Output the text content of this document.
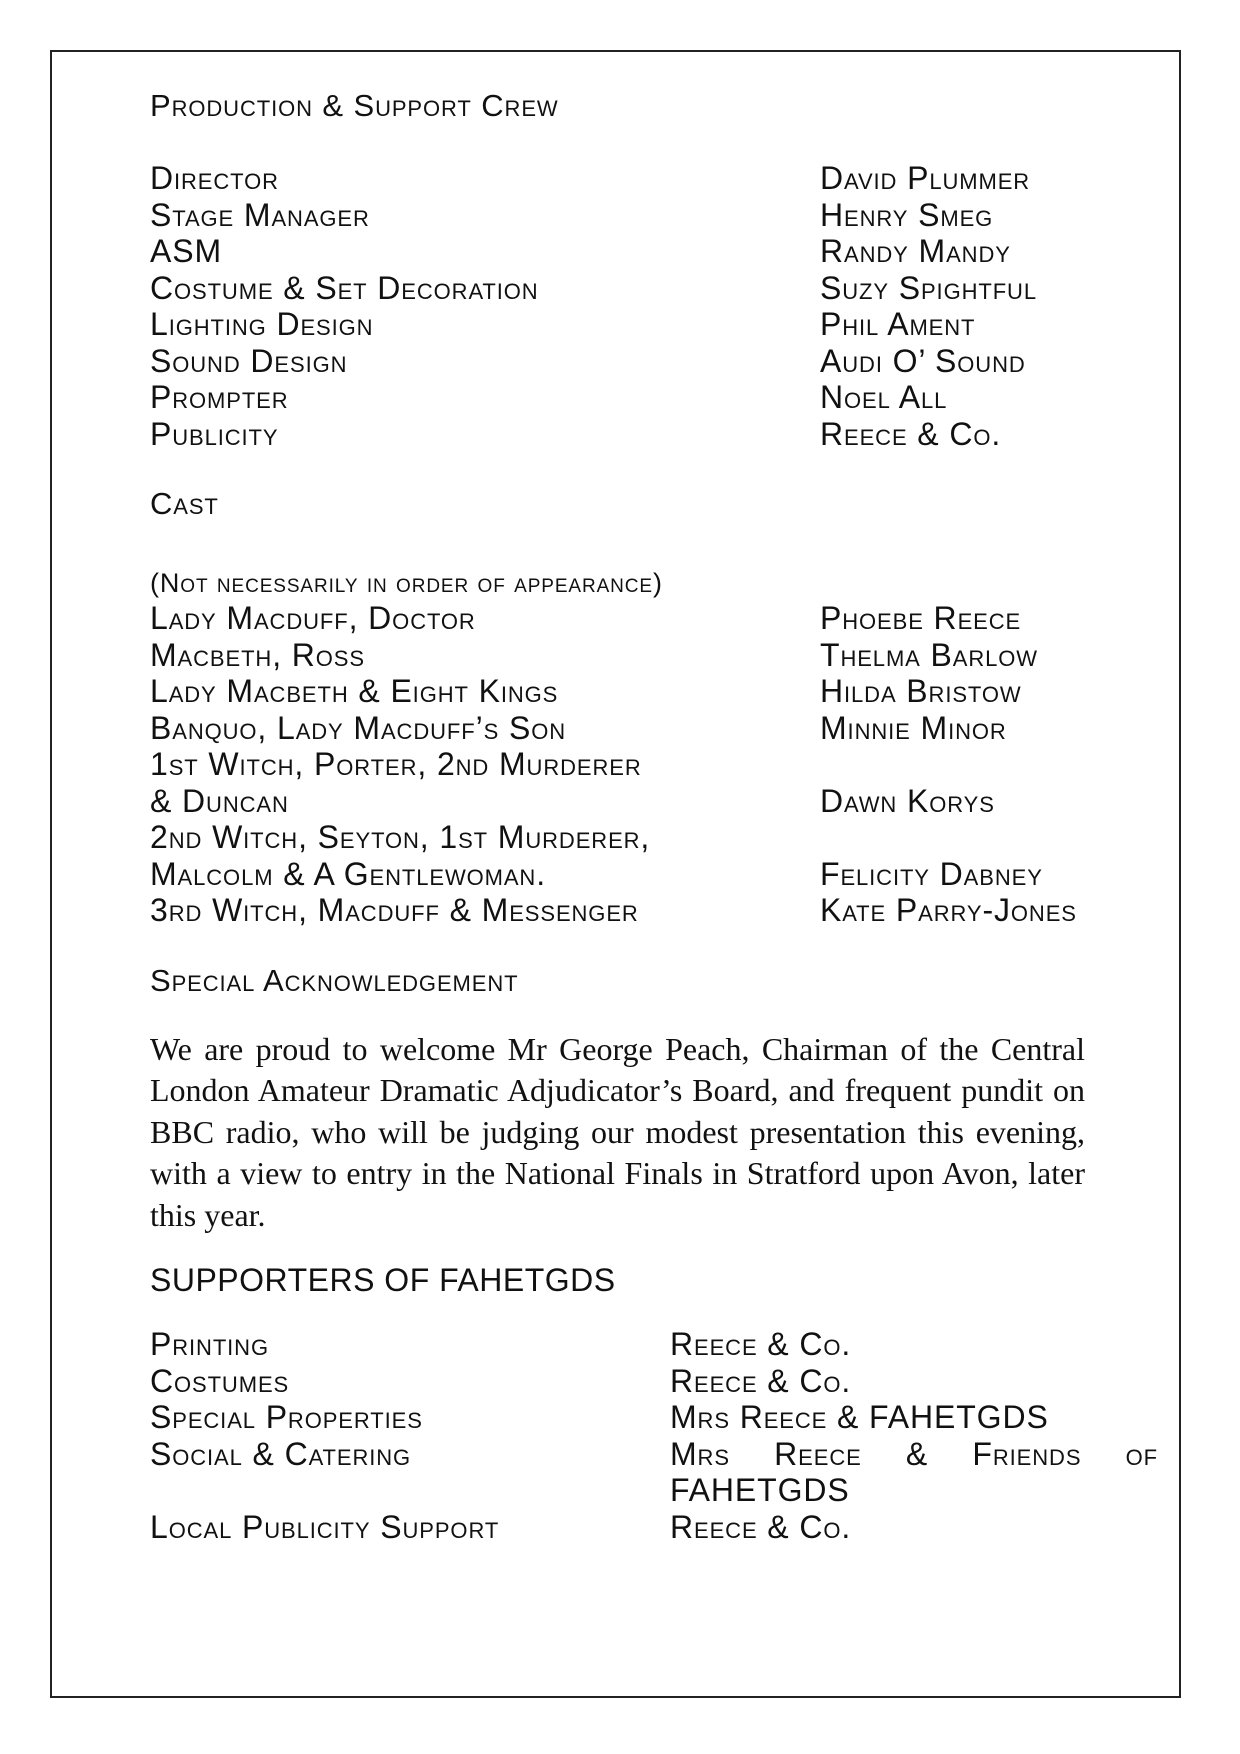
Production & Support Crew
Director	David Plummer
Stage Manager	Henry Smeg
ASM	Randy Mandy
Costume & Set Decoration	Suzy Spightful
Lighting Design	Phil Ament
Sound Design	Audi O’ Sound
Prompter	Noel All
Publicity	Reece & Co.
Cast
(Not necessarily in order of appearance)
Lady Macduff, Doctor	Phoebe Reece
Macbeth, Ross	Thelma Barlow
Lady Macbeth & Eight Kings	Hilda Bristow
Banquo, Lady Macduff’s Son	Minnie Minor
1st Witch, Porter, 2nd Murderer
& Duncan	Dawn Korys
2nd Witch, Seyton, 1st Murderer,
Malcolm & A Gentlewoman.	Felicity Dabney
3rd Witch, Macduff & Messenger	Kate Parry-Jones
Special Acknowledgement

We are proud to welcome Mr George Peach, Chairman of the Central London Amateur Dramatic Adjudicator’s Board, and frequent pundit on BBC radio, who will be judging our modest presentation this evening, with a view to entry in the National Finals in Stratford upon Avon, later this year.

SUPPORTERS OF FAHETGDS
Printing	Reece & Co.
Costumes	Reece & Co.
Special Properties	Mrs Reece & FAHETGDS
Social & Catering	Mrs Reece & Friends of FAHETGDS
Local Publicity Support	Reece & Co.
